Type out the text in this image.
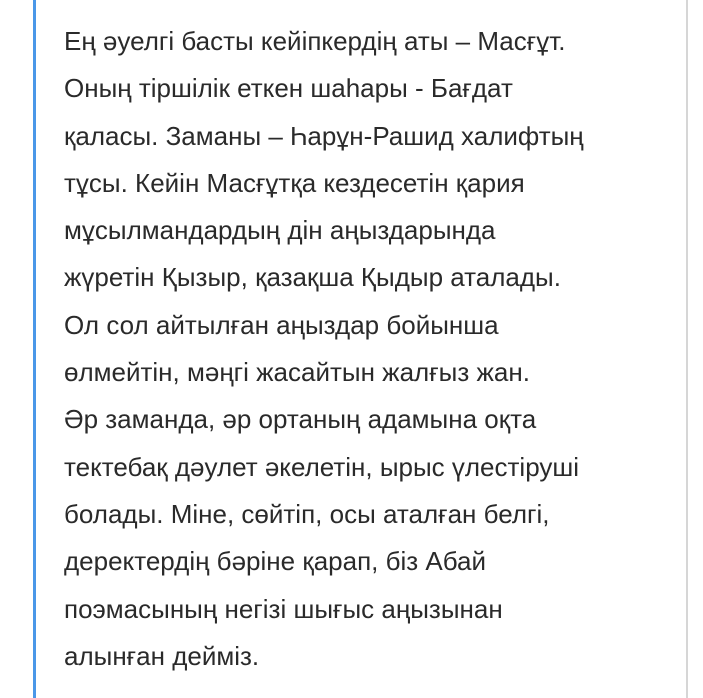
Ең әуелгі басты кейіпкердің аты – Масғұт.
Оның тіршілік еткен шаһары - Бағдат
қаласы. Заманы – Һарұн-Рашид халифтың
тұсы. Кейін Масғұтқа кездесетін қария
мұсылмандардың дін аңыздарында
жүретін Қызыр, қазақша Қыдыр аталады.
Ол сол айтылған аңыздар бойынша
өлмейтін, мәңгі жасайтын жалғыз жан.
Әр заманда, әр ортаның адамына оқта
тектебақ дәулет әкелетін, ырыс үлестіруші
болады. Міне, сөйтіп, осы аталған белгі,
деректердің бәріне қарап, біз Абай
поэмасының негізі шығыс аңызынан
алынған дейміз.
